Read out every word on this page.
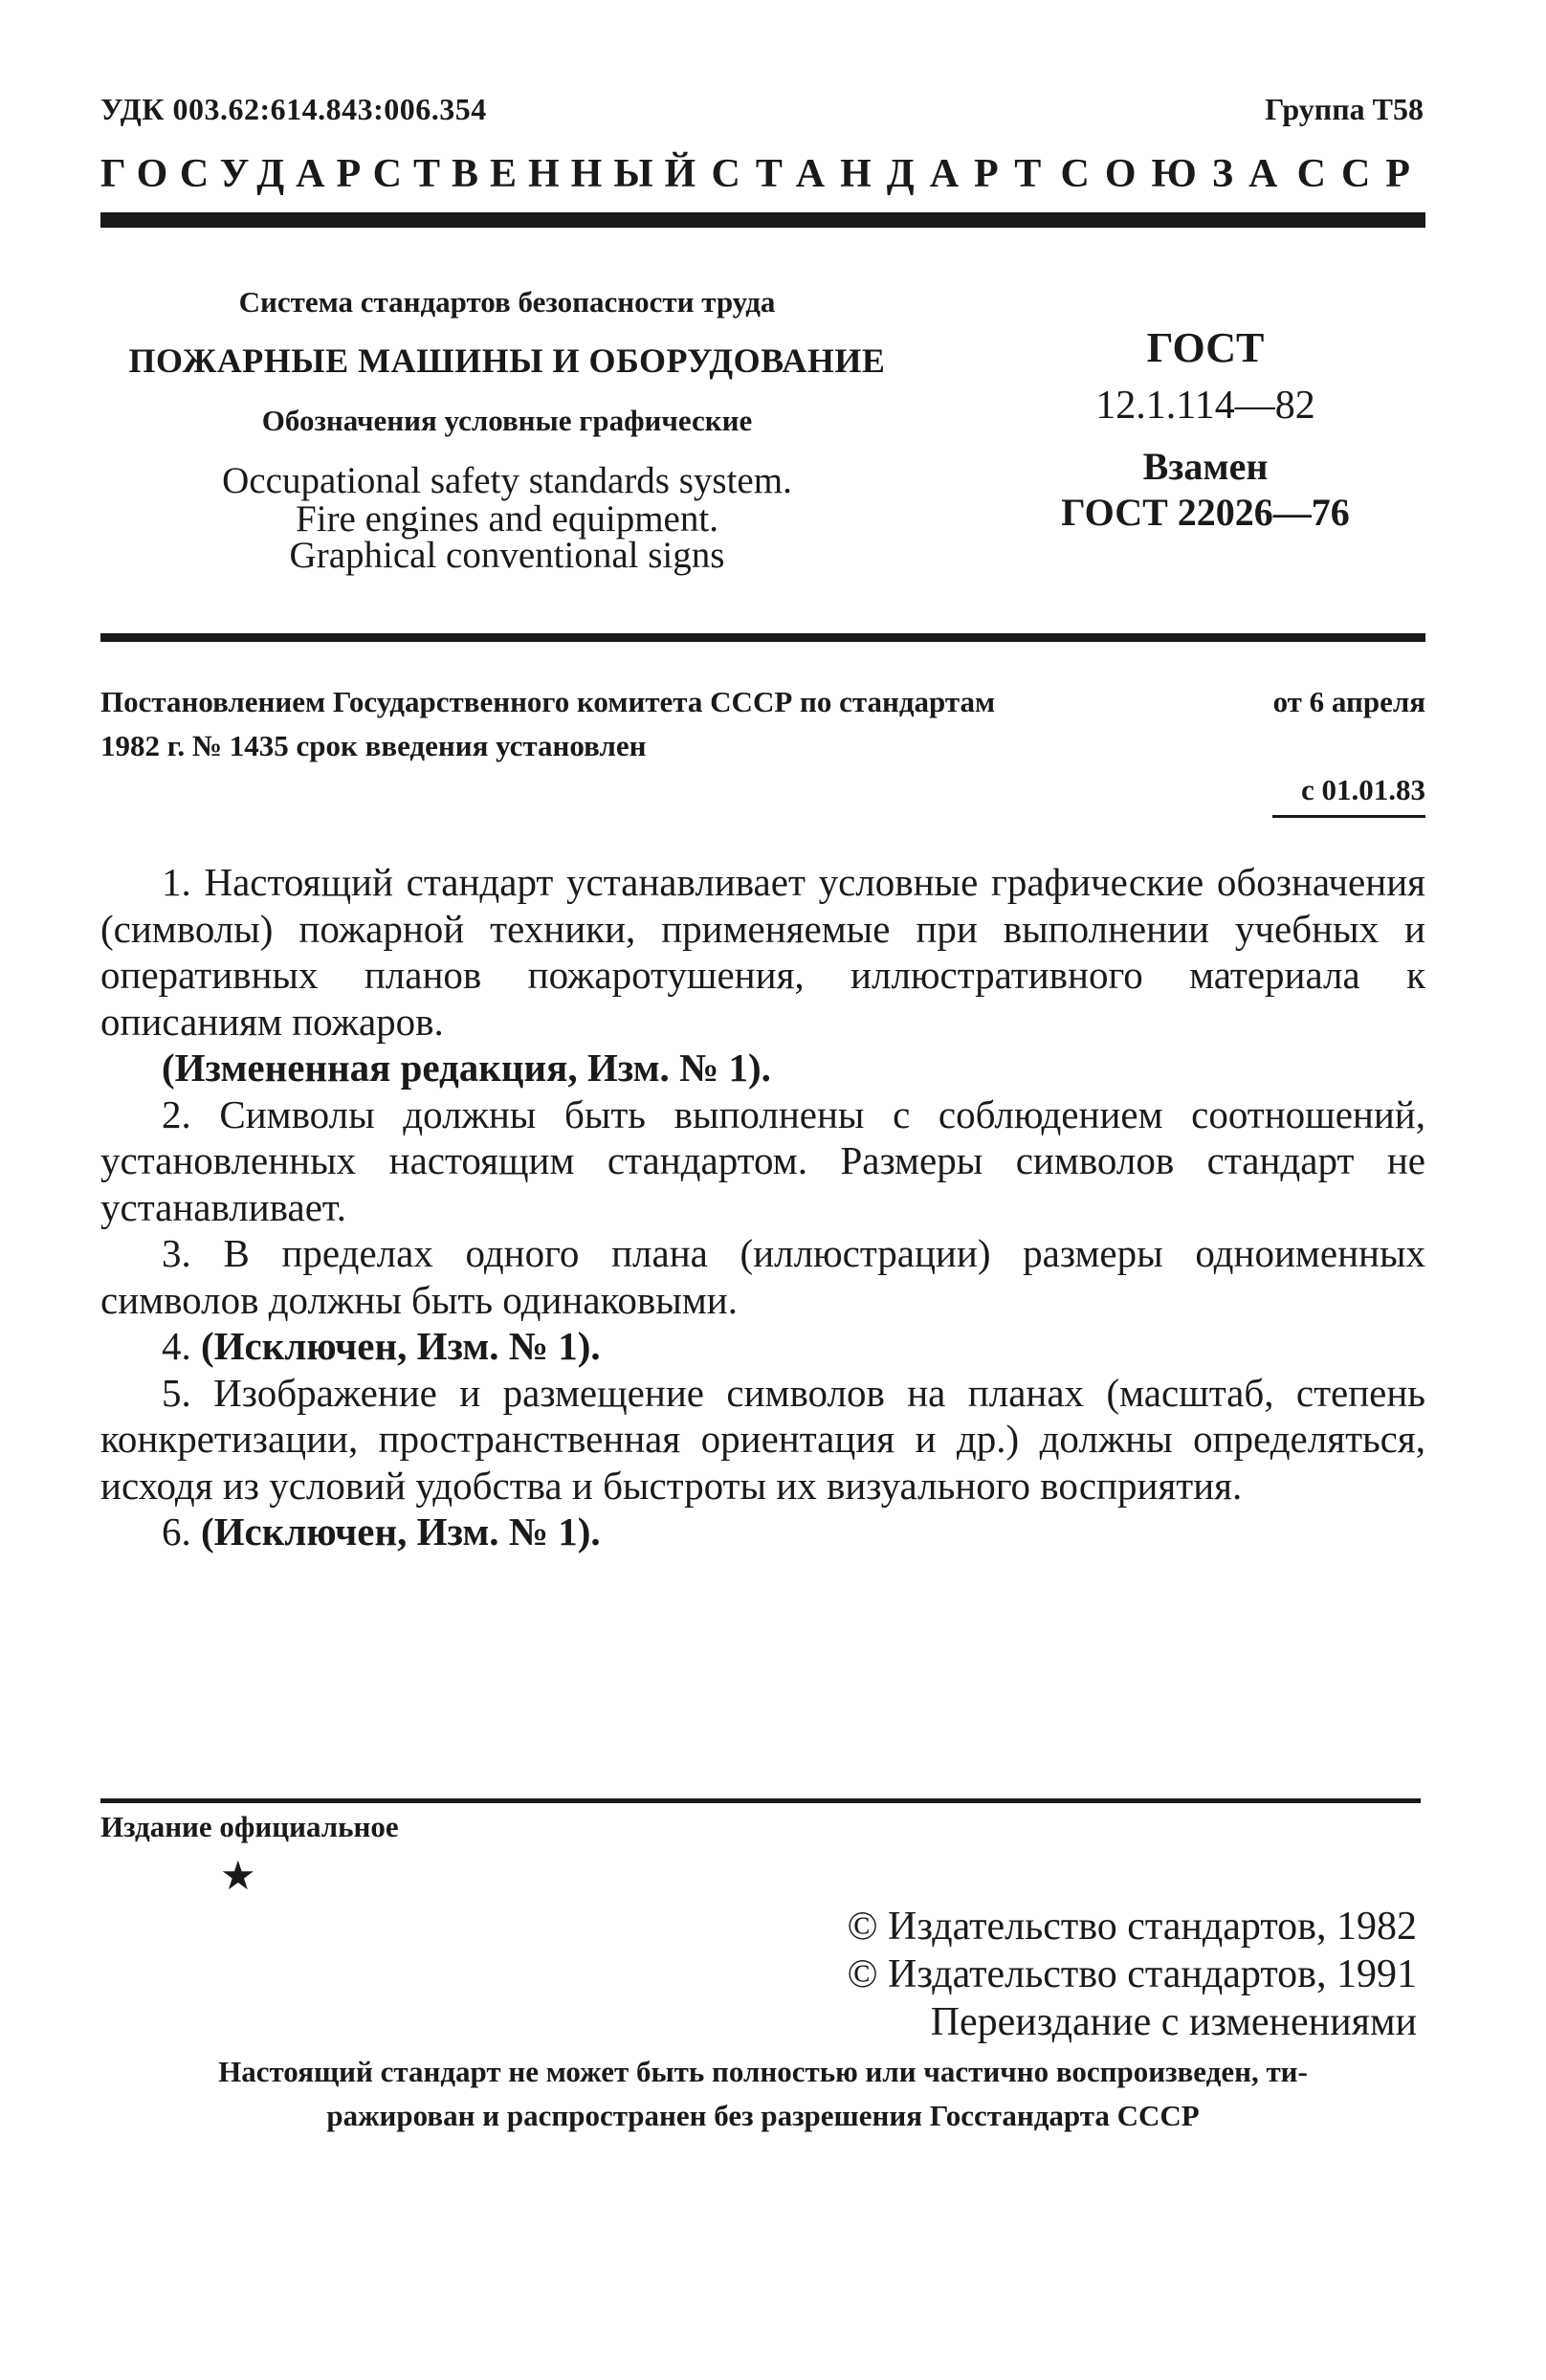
УДК 003.62:614.843:006.354	Группа Т58
ГОСУДАРСТВЕННЫЙ СТАНДАРТ СОЮЗА ССР
Система стандартов безопасности труда
ПОЖАРНЫЕ МАШИНЫ И ОБОРУДОВАНИЕ
Обозначения условные графические
Occupational safety standards system.
Fire engines and equipment.
Graphical conventional signs
ГОСТ
12.1.114—82
Взамен
ГОСТ 22026—76
Постановлением Государственного комитета СССР по стандартам	от 6 апреля
1982 г. № 1435 срок введения установлен
с 01.01.83

1. Настоящий стандарт устанавливает условные графические обозначения (символы) пожарной техники, применяемые при выполнении учебных и оперативных планов пожаротушения, иллюстративного материала к описаниям пожаров.

(Измененная редакция, Изм. № 1).

2. Символы должны быть выполнены с соблюдением соотношений, установленных настоящим стандартом. Размеры символов стандарт не устанавливает.

3. В пределах одного плана (иллюстрации) размеры одноименных символов должны быть одинаковыми.

4. (Исключен, Изм. № 1).

5. Изображение и размещение символов на планах (масштаб, степень конкретизации, пространственная ориентация и др.) должны определяться, исходя из условий удобства и быстроты их визуального восприятия.

6. (Исключен, Изм. № 1).

Издание официальное
★
© Издательство стандартов, 1982
© Издательство стандартов, 1991
Переиздание с изменениями
Настоящий стандарт не может быть полностью или частично воспроизведен, ти-
ражирован и распространен без разрешения Госстандарта СССР
